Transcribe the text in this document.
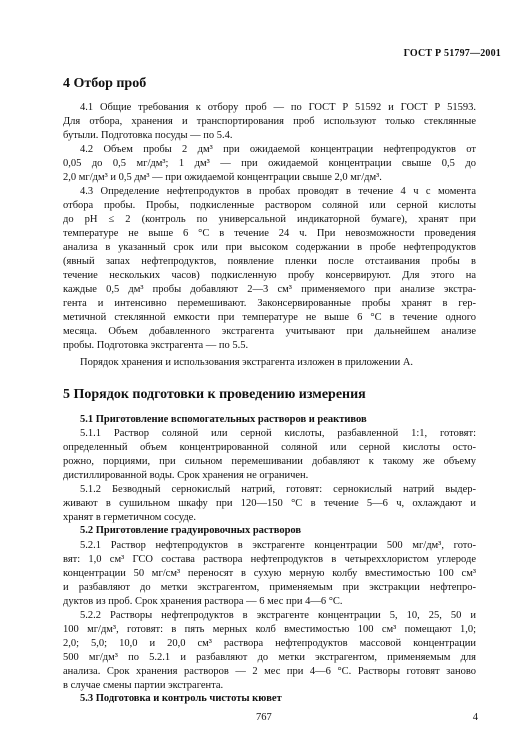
ГОСТ Р 51797—2001
4 Отбор проб
4.1 Общие требования к отбору проб — по ГОСТ Р 51592 и ГОСТ Р 51593.
Для отбора, хранения и транспортирования проб используют только стеклянные
бутыли. Подготовка посуды — по 5.4.
4.2 Объем пробы 2 дм³ при ожидаемой концентрации нефтепродуктов от
0,05 до 0,5 мг/дм³; 1 дм³ — при ожидаемой концентрации свыше 0,5 до
2,0 мг/дм³ и 0,5 дм³ — при ожидаемой концентрации свыше 2,0 мг/дм³.
4.3 Определение нефтепродуктов в пробах проводят в течение 4 ч с момента
отбора пробы. Пробы, подкисленные раствором соляной или серной кислоты
до рН ≤ 2 (контроль по универсальной индикаторной бумаге), хранят при
температуре не выше 6 °С в течение 24 ч. При невозможности проведения
анализа в указанный срок или при высоком содержании в пробе нефтепродуктов
(явный запах нефтепродуктов, появление пленки после отстаивания пробы в
течение нескольких часов) подкисленную пробу консервируют. Для этого на
каждые 0,5 дм³ пробы добавляют 2—3 см³ применяемого при анализе экстра-
гента и интенсивно перемешивают. Законсервированные пробы хранят в гер-
метичной стеклянной емкости при температуре не выше 6 °С в течение одного
месяца. Объем добавленного экстрагента учитывают при дальнейшем анализе
пробы. Подготовка экстрагента — по 5.5.
Порядок хранения и использования экстрагента изложен в приложении А.
5 Порядок подготовки к проведению измерения
5.1 Приготовление вспомогательных растворов и реактивов
5.1.1 Раствор соляной или серной кислоты, разбавленной 1:1, готовят:
определенный объем концентрированной соляной или серной кислоты осто-
рожно, порциями, при сильном перемешивании добавляют к такому же объему
дистиллированной воды. Срок хранения не ограничен.
5.1.2 Безводный сернокислый натрий, готовят: сернокислый натрий выдер-
живают в сушильном шкафу при 120—150 °С в течение 5—6 ч, охлаждают и
хранят в герметичном сосуде.
5.2 Приготовление градуировочных растворов
5.2.1 Раствор нефтепродуктов в экстрагенте концентрации 500 мг/дм³, гото-
вят: 1,0 см³ ГСО состава раствора нефтепродуктов в четыреххлористом углероде
концентрации 50 мг/см³ переносят в сухую мерную колбу вместимостью 100 см³
и разбавляют до метки экстрагентом, применяемым при экстракции нефтепро-
дуктов из проб. Срок хранения раствора — 6 мес при 4—6 °С.
5.2.2 Растворы нефтепродуктов в экстрагенте концентрации 5, 10, 25, 50 и
100 мг/дм³, готовят: в пять мерных колб вместимостью 100 см³ помещают 1,0;
2,0; 5,0; 10,0 и 20,0 см³ раствора нефтепродуктов массовой концентрации
500 мг/дм³ по 5.2.1 и разбавляют до метки экстрагентом, применяемым для
анализа. Срок хранения растворов — 2 мес при 4—6 °С. Растворы готовят заново
в случае смены партии экстрагента.
5.3 Подготовка и контроль чистоты кювет
767	4
